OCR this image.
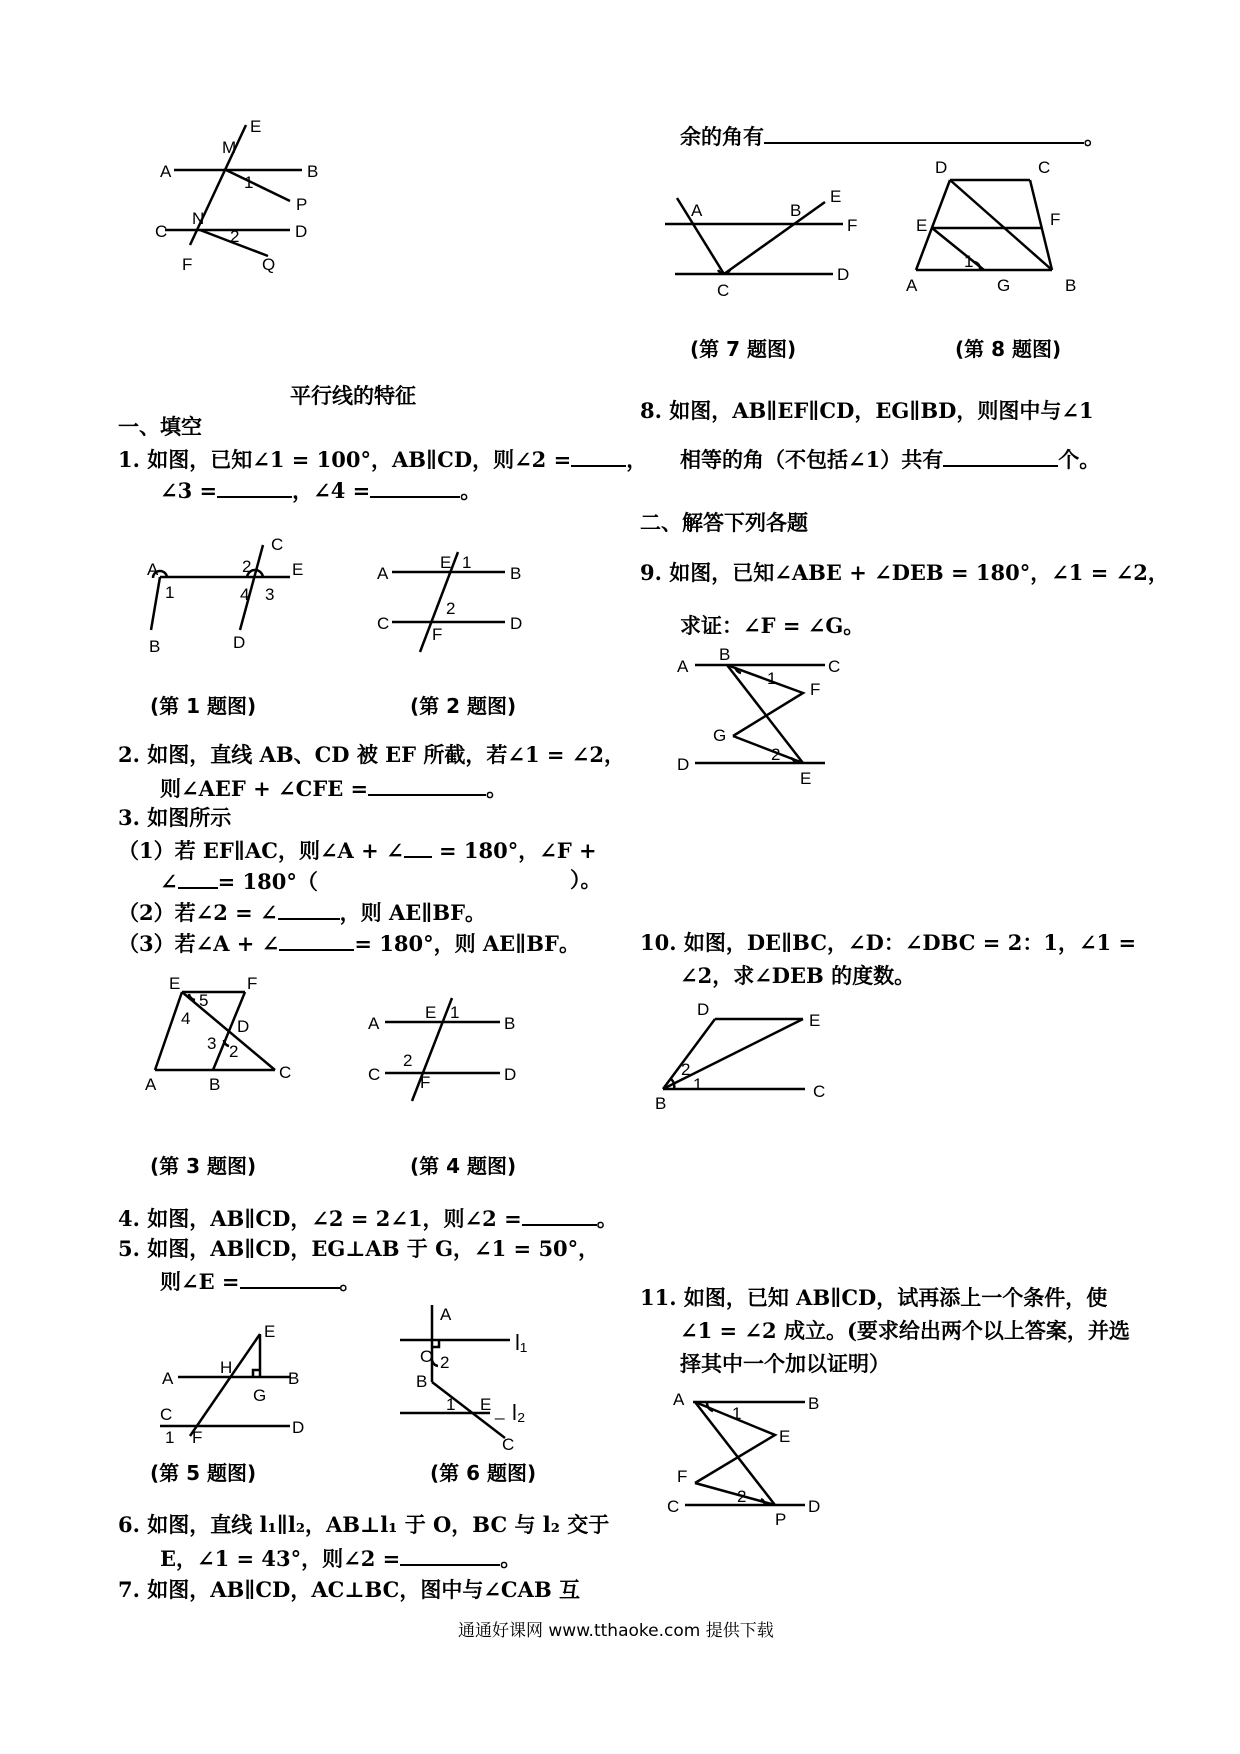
A	B
M
E
1
P
C	D
N
2
F	Q
平行线的特征
一、填空
1. 如图，已知∠1 = 100°，AB∥CD，则∠2 =	，
∠3 =	，∠4 =	。
A
1
B
2
C
E
4 3
D
A	B
E 1
C	D
2
F
(第 1 题图)	(第 2 题图)
2. 如图，直线 AB、CD 被 EF 所截，若∠1 = ∠2，
则∠AEF + ∠CFE =	。
3. 如图所示
（1）若 EF∥AC，则∠A + ∠ = 180°，∠F +
∠ = 180°（	）。
（2）若∠2 = ∠	，则 AE∥BF。
（3）若∠A + ∠	= 180°，则 AE∥BF。
E	F
5
4	D
3 2
A	B
C
A	B
E 1
C	D
2
F
(第 3 题图)	(第 4 题图)
4. 如图，AB∥CD，∠2 = 2∠1，则∠2 =	。
5. 如图，AB∥CD，EG⊥AB 于 G，∠1 = 50°，
则∠E =	。
A	B
H
E
G
C
D
1 F
A
l₁
O 2
B
1 E _ l₂
C
(第 5 题图)	(第 6 题图)
6. 如图，直线 l₁∥l₂，AB⊥l₁ 于 O，BC 与 l₂ 交于
E，∠1 = 43°，则∠2 =	。
7. 如图，AB∥CD，AC⊥BC，图中与∠CAB 互
余的角有	。
A	B
E
F
C
D
D	C
E	F
1
A	G	B
(第 7 题图)	(第 8 题图)
8. 如图，AB∥EF∥CD，EG∥BD，则图中与∠1
相等的角（不包括∠1）共有	个。
二、解答下列各题
9. 如图，已知∠ABE + ∠DEB = 180°，∠1 = ∠2，
求证：∠F = ∠G。
A
B
C
1
F
G
D
2
E
10. 如图，DE∥BC，∠D：∠DBC = 2：1，∠1 =
∠2，求∠DEB 的度数。
D
E
2
1
B
C
11. 如图，已知 AB∥CD，试再添上一个条件，使
∠1 = ∠2 成立。(要求给出两个以上答案，并选
择其中一个加以证明）
A	B
1
E
F
C
2
P
D
通通好课网 www.tthaoke.com 提供下载
